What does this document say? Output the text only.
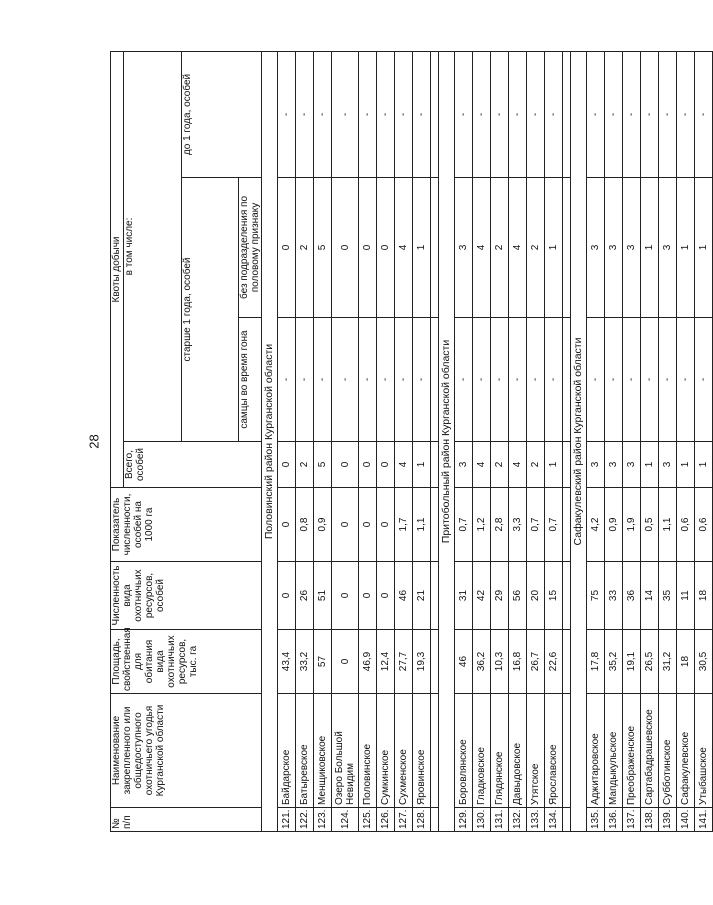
28
№ п/п	Наименование закрепленного или общедоступного охотничьего угодья Курганской области	Площадь, свойственная для обитания вида охотничьих ресурсов, тыс. га	Численность вида охотничьих ресурсов, особей	Показатель численности, особей на 1000 га	Квоты добычи			
					Всего, особей	в том числе:		
						старше 1 года, особей		до 1 года, особей
						самцы во время гона	без подразделения по половому признаку	
Половинский район Курганской области								
121.	Байдарское	43,4	0	0	0	-	0	-
122.	Батыревское	33,2	26	0,8	2	-	2	-
123.	Менщиковское	57	51	0,9	5	-	5	-
124.	Озеро Большой Невидим	0	0	0	0	-	0	-
125.	Половинское	46,9	0	0	0	-	0	-
126.	Сумкинское	12,4	0	0	0	-	0	-
127.	Сухменское	27,7	46	1,7	4	-	4	-
128.	Яровинское	19,3	21	1,1	1	-	1	-

Притобольный район Курганской области								
129.	Боровлянское	46	31	0,7	3	-	3	-
130.	Гладковское	36,2	42	1,2	4	-	4	-
131.	Глядянское	10,3	29	2,8	2	-	2	-
132.	Давыдовское	16,8	56	3,3	4	-	4	-
133.	Утятское	26,7	20	0,7	2	-	2	-
134.	Ярославское	22,6	15	0,7	1	-	1	-

Сафакулевский район Курганской области								
135.	Аджитаровское	17,8	75	4,2	3	-	3	-
136.	Мапдыкульское	35,2	33	0,9	3	-	3	-
137.	Преображенское	19,1	36	1,9	3	-	3	-
138.	Сартабадрашевское	26,5	14	0,5	1	-	1	-
139.	Субботинское	31,2	35	1,1	3	-	3	-
140.	Сафакулевское	18	11	0,6	1	-	1	-
141.	Утыбашское	30,5	18	0,6	1	-	1	-
